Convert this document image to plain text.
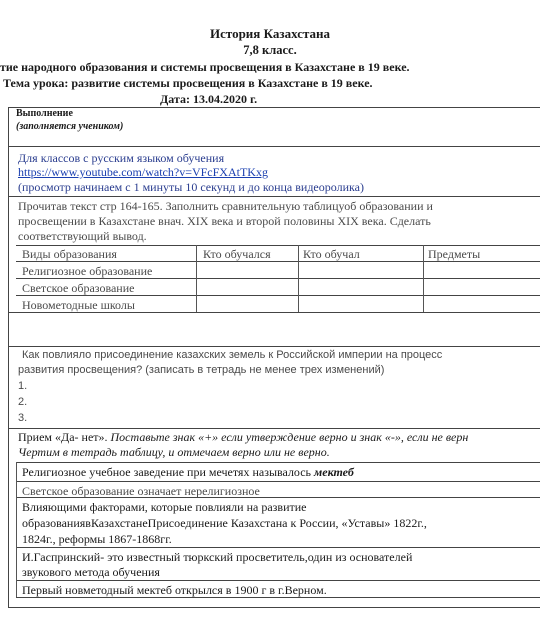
История Казахстана
7,8 класс.
тие народного образования и системы просвещения в Казахстане в 19 веке.
Тема урока: развитие системы просвещения в Казахстане в 19 веке.
Дата: 13.04.2020 г.
Выполнение
(заполняется учеником)
Для классов с русским языком обучения
https://www.youtube.com/watch?v=VFcFXAtTKxg
(просмотр начинаем с 1 минуты 10 секунд и до конца видеоролика)
Прочитав текст стр 164-165. Заполнить сравнительную таблицуоб образовании и
просвещении в Казахстане внач. XIX века и второй половины XIX века. Сделать
соответствующий вывод.
Виды образования	Кто обучался	Кто обучал	Предметы
Религиозное образование
Светское образование
Новометодные школы
Как повлияло присоединение казахских земель к Российской империи на процесс
развития просвещения? (записать в тетрадь не менее трех изменений)
1.
2.
3.
Прием «Да- нет». Поставьте знак «+» если утверждение верно и знак «-», если не верн
Чертим в тетрадь таблицу, и отмечаем верно или не верно.
Религиозное учебное заведение при мечетях называлось мектеб
Светское образование означает нерелигиозное
Влияющими факторами, которые повлияли на развитие
образованиявКазахстанеПрисоединение Казахстана к России, «Уставы» 1822г.,
1824г., реформы 1867-1868гг.
И.Гаспринский- это известный тюркский просветитель,один из основателей
звукового метода обучения
Первый новметодный мектеб открылся в 1900 г в г.Верном.
